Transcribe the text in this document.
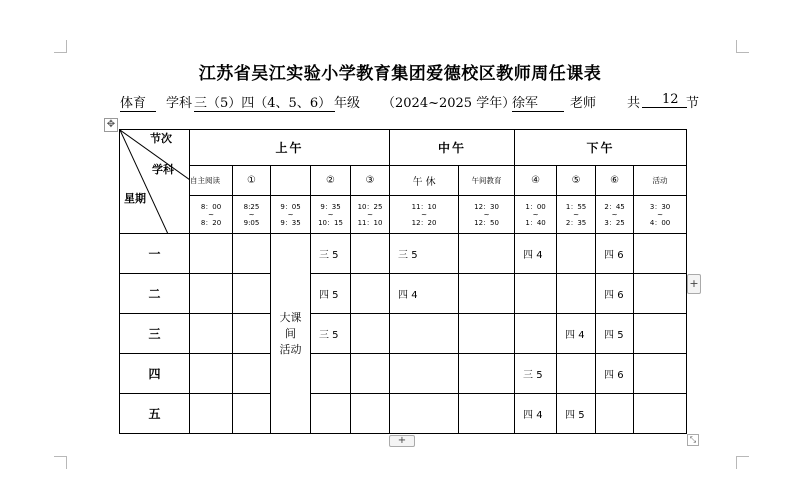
江苏省吴江实验小学教育集团爱德校区教师周任课表
体育	学科 三（5）四（4、5、6） 年级 （2024~2025 学年）
徐军	老师 共	12 节
✥
节次
学科
星期	上午					中午		下午			
	自主阅读	①		②	③	午 休	午间教育	④	⑤	⑥	活动

	8：00
~
8：20	8:25
~
9:05	9：05
~
9：35	9：35
~
10：15	10：25
~
11：10	11：10
~
12：20	12：30
~
12：50	1：00
~
1：40	1：55
~
2：35	2：45
~
3：25	3：30
~
4：00

一			大课
间
活动	三 5		三 5		四 4		四 6	
二				四 5		四 4				四 6	
三				三 5					四 4	四 5	
四								三 5		四 6	
五								四 4	四 5		
+
+
⤡
